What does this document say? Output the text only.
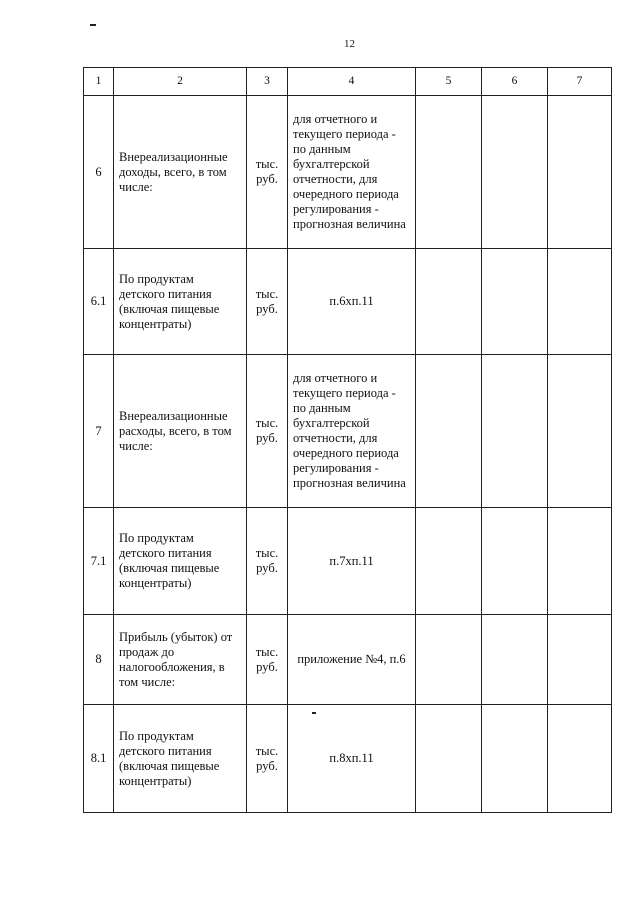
12
1	2	3	4	5	6	7
6	Внереализационные доходы, всего, в том числе:	тыс. руб.	для отчетного и текущего периода - по данным бухгалтерской отчетности, для очередного периода регулирования - прогнозная величина			
6.1	По продуктам детского питания (включая пищевые концентраты)	тыс. руб.	п.6хп.11			
7	Внереализационные расходы, всего, в том числе:	тыс. руб.	для отчетного и текущего периода - по данным бухгалтерской отчетности, для очередного периода регулирования - прогнозная величина			
7.1	По продуктам детского питания (включая пищевые концентраты)	тыс. руб.	п.7хп.11			
8	Прибыль (убыток) от продаж до налогообложения, в том числе:	тыс. руб.	приложение №4, п.6			
8.1	По продуктам детского питания (включая пищевые концентраты)	тыс. руб.	п.8хп.11			
